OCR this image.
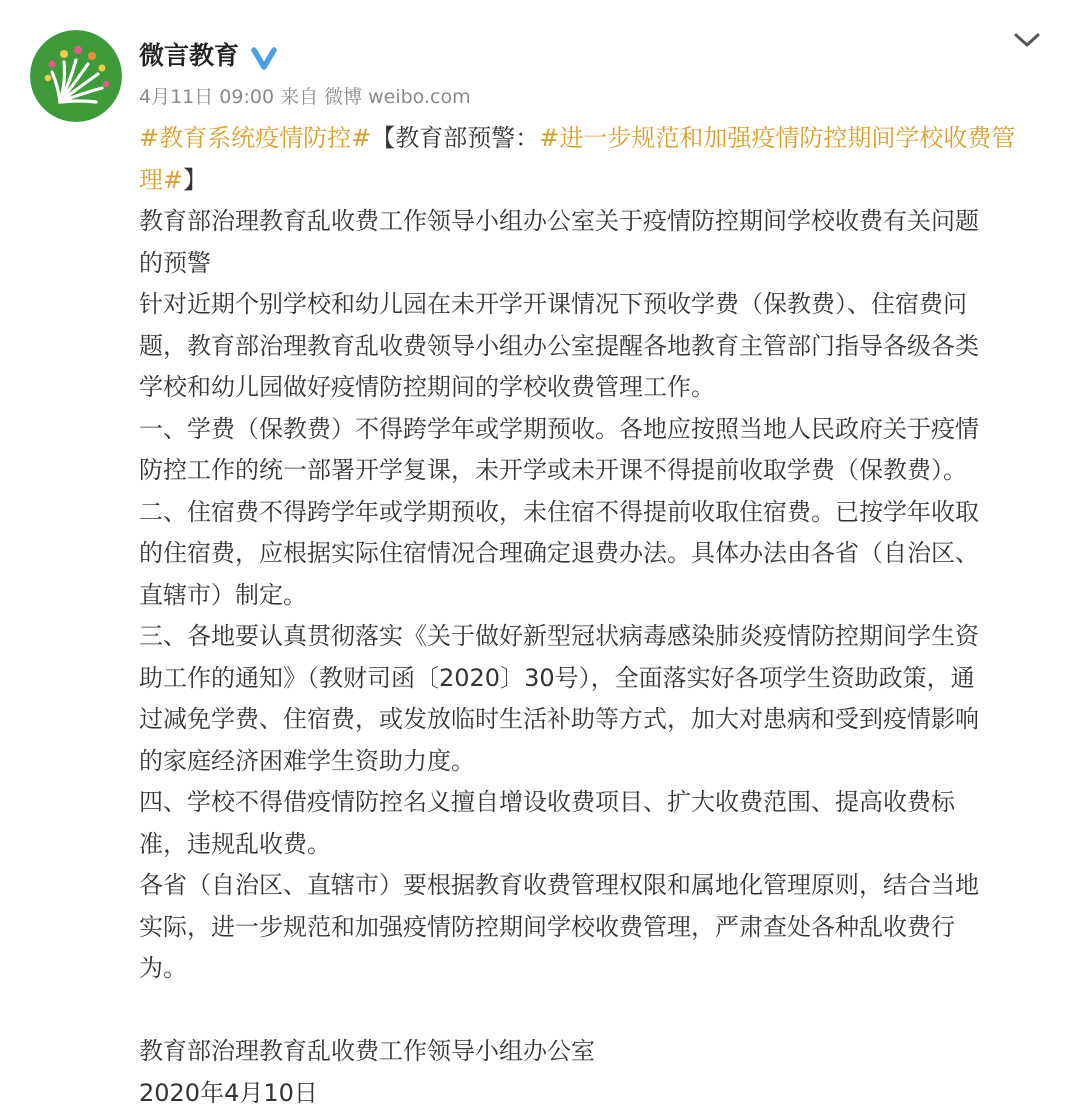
微言教育
4月11日 09:00 来自 微博 weibo.com
#教育系统疫情防控#【教育部预警：#进一步规范和加强疫情防控期间学校收费管
理#】
教育部治理教育乱收费工作领导小组办公室关于疫情防控期间学校收费有关问题
的预警
针对近期个别学校和幼儿园在未开学开课情况下预收学费（保教费）、住宿费问
题，教育部治理教育乱收费领导小组办公室提醒各地教育主管部门指导各级各类
学校和幼儿园做好疫情防控期间的学校收费管理工作。
一、学费（保教费）不得跨学年或学期预收。各地应按照当地人民政府关于疫情
防控工作的统一部署开学复课，未开学或未开课不得提前收取学费（保教费）。
二、住宿费不得跨学年或学期预收，未住宿不得提前收取住宿费。已按学年收取
的住宿费，应根据实际住宿情况合理确定退费办法。具体办法由各省（自治区、
直辖市）制定。
三、各地要认真贯彻落实《关于做好新型冠状病毒感染肺炎疫情防控期间学生资
助工作的通知》（教财司函〔2020〕30号），全面落实好各项学生资助政策，通
过减免学费、住宿费，或发放临时生活补助等方式，加大对患病和受到疫情影响
的家庭经济困难学生资助力度。
四、学校不得借疫情防控名义擅自增设收费项目、扩大收费范围、提高收费标
准，违规乱收费。
各省（自治区、直辖市）要根据教育收费管理权限和属地化管理原则，结合当地
实际，进一步规范和加强疫情防控期间学校收费管理，严肃查处各种乱收费行
为。
教育部治理教育乱收费工作领导小组办公室
2020年4月10日
